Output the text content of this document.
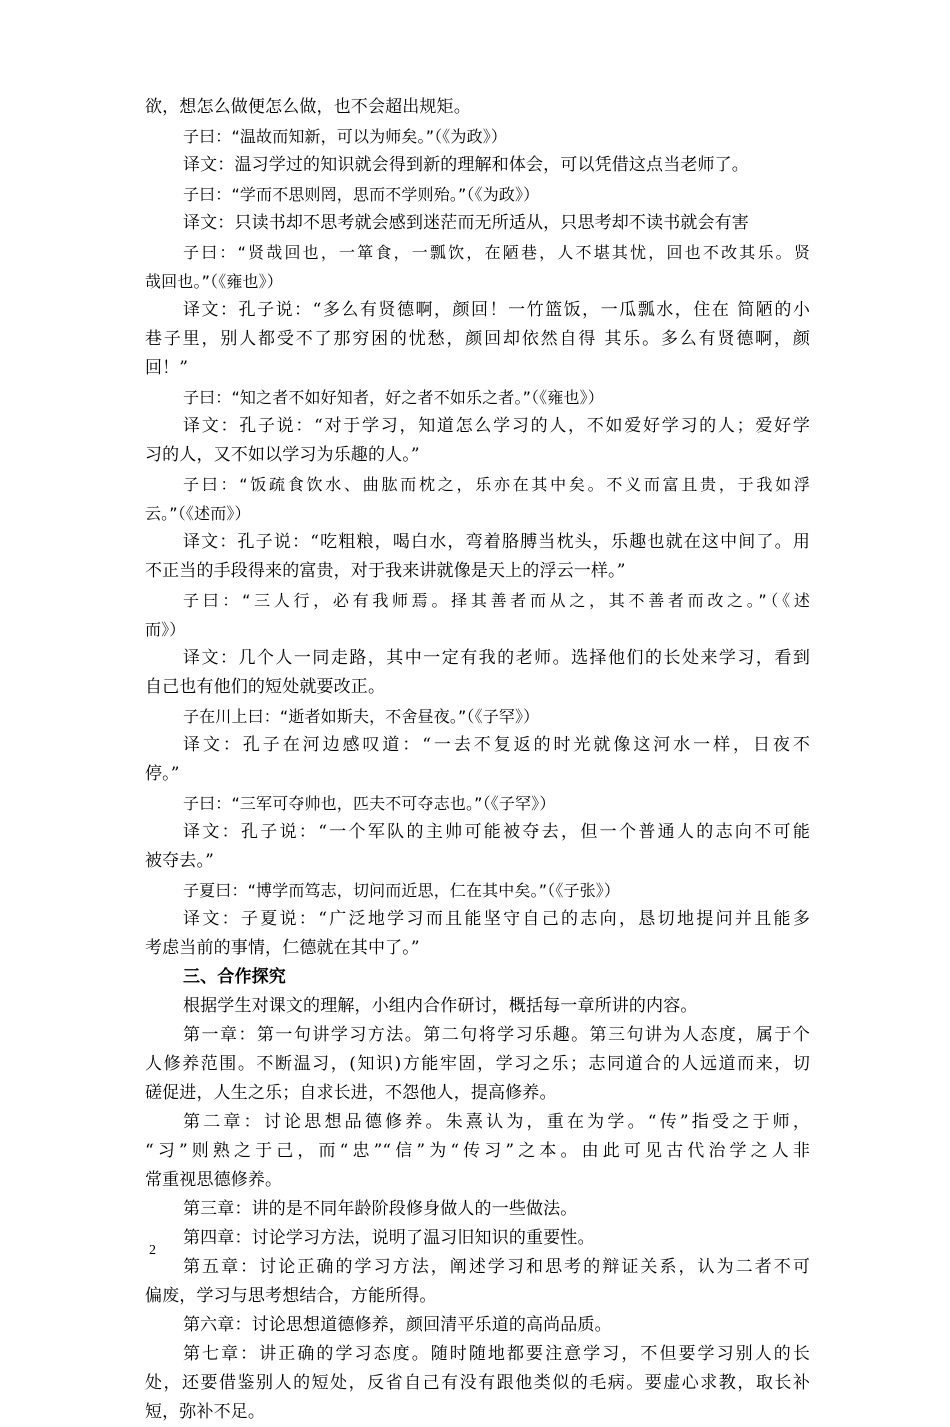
欲，想怎么做便怎么做，也不会超出规矩。
子曰：“温故而知新，可以为师矣。”（《为政》）
译文：温习学过的知识就会得到新的理解和体会，可以凭借这点当老师了。
子曰：“学而不思则罔，思而不学则殆。”（《为政》）
译文：只读书却不思考就会感到迷茫而无所适从，只思考却不读书就会有害
子曰：“贤哉回也，一箪食，一瓢饮，在陋巷，人不堪其忧，回也不改其乐。贤
哉回也。”（《雍也》）
译文：孔子说：“多么有贤德啊，颜回！一竹篮饭，一瓜瓢水，住在 简陋的小
巷子里，别人都受不了那穷困的忧愁，颜回却依然自得 其乐。多么有贤德啊，颜
回！”
子曰：“知之者不如好知者，好之者不如乐之者。”（《雍也》）
译文：孔子说：“对于学习，知道怎么学习的人，不如爱好学习的人；爱好学
习的人，又不如以学习为乐趣的人。”
子曰：“饭疏食饮水、曲肱而枕之，乐亦在其中矣。不义而富且贵，于我如浮
云。”（《述而》）
译文：孔子说：“吃粗粮，喝白水，弯着胳膊当枕头，乐趣也就在这中间了。用
不正当的手段得来的富贵，对于我来讲就像是天上的浮云一样。”
子曰：“三人行，必有我师焉。择其善者而从之，其不善者而改之。”（《述
而》）
译文：几个人一同走路，其中一定有我的老师。选择他们的长处来学习，看到
自己也有他们的短处就要改正。
子在川上曰：“逝者如斯夫，不舍昼夜。”（《子罕》）
译文：孔子在河边感叹道：“一去不复返的时光就像这河水一样，日夜不
停。”
子曰：“三军可夺帅也，匹夫不可夺志也。”（《子罕》）
译文：孔子说：“一个军队的主帅可能被夺去，但一个普通人的志向不可能
被夺去。”
子夏曰：“博学而笃志，切问而近思，仁在其中矣。”（《子张》）
译文：子夏说：“广泛地学习而且能坚守自己的志向，恳切地提问并且能多
考虑当前的事情，仁德就在其中了。”
三、合作探究
根据学生对课文的理解，小组内合作研讨，概括每一章所讲的内容。
第一章：第一句讲学习方法。第二句将学习乐趣。第三句讲为人态度，属于个
人修养范围。不断温习，(知识)方能牢固，学习之乐；志同道合的人远道而来，切
磋促进，人生之乐；自求长进，不怨他人，提高修养。
第二章：讨论思想品德修养。朱熹认为，重在为学。“传”指受之于师，
“习”则熟之于己，而“忠”“信”为“传习”之本。由此可见古代治学之人非
常重视思德修养。
第三章：讲的是不同年龄阶段修身做人的一些做法。
第四章：讨论学习方法，说明了温习旧知识的重要性。
第五章：讨论正确的学习方法，阐述学习和思考的辩证关系，认为二者不可
偏废，学习与思考想结合，方能所得。
第六章：讨论思想道德修养，颜回清平乐道的高尚品质。
第七章：讲正确的学习态度。随时随地都要注意学习，不但要学习别人的长
处，还要借鉴别人的短处，反省自己有没有跟他类似的毛病。要虚心求教，取长补
短，弥补不足。
2
